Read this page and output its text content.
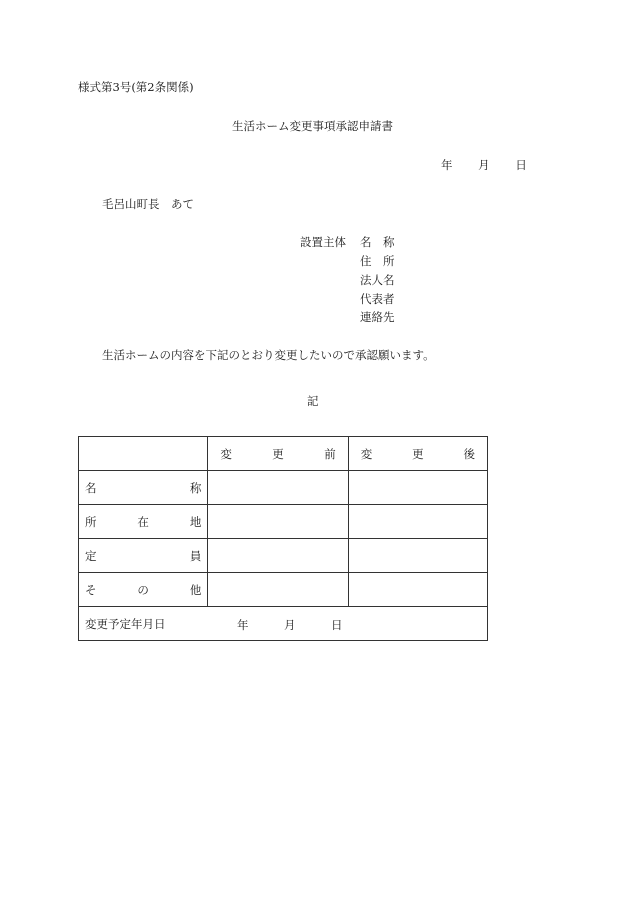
様式第3号(第2条関係)
生活ホーム変更事項承認申請書
年 月 日
毛呂山町長　あて
設置主体 名　称
住　所
法人名
代表者
連絡先
生活ホームの内容を下記のとおり変更したいので承認願います。
記

	変 更 前	変 更 後

名 称		

所 在 地		

定 員		

そ の 他		

変更予定年月日 年 月 日		
